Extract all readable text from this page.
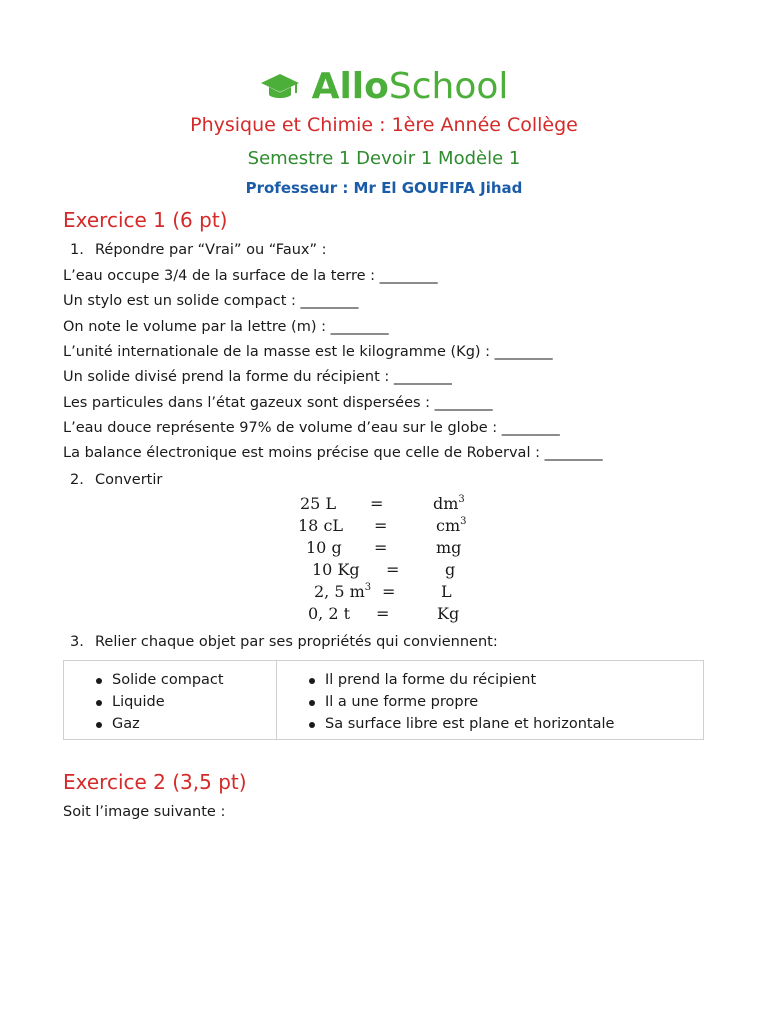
AlloSchool
Physique et Chimie : 1ère Année Collège
Semestre 1 Devoir 1 Modèle 1
Professeur : Mr El GOUFIFA Jihad
Exercice 1 (6 pt)
1. Répondre par “Vrai” ou “Faux” :
L’eau occupe 3/4 de la surface de la terre : ________
Un stylo est un solide compact : ________
On note le volume par la lettre (m) : ________
L’unité internationale de la masse est le kilogramme (Kg) : ________
Un solide divisé prend la forme du récipient : ________
Les particules dans l’état gazeux sont dispersées : ________
L’eau douce représente 97% de volume d’eau sur le globe : ________
La balance électronique est moins précise que celle de Roberval : ________
2. Convertir
25 L =	$dm^3$
18 cL =	$cm^3$
10 g =	mg
10 Kg =	g
2, 5 $m^3$ =	L
0, 2 t =	Kg
3. Relier chaque objet par ses propriétés qui conviennent:
Solide compact
Liquide
Gaz
Il prend la forme du récipient
Il a une forme propre
Sa surface libre est plane et horizontale
Exercice 2 (3,5 pt)
Soit l’image suivante :
